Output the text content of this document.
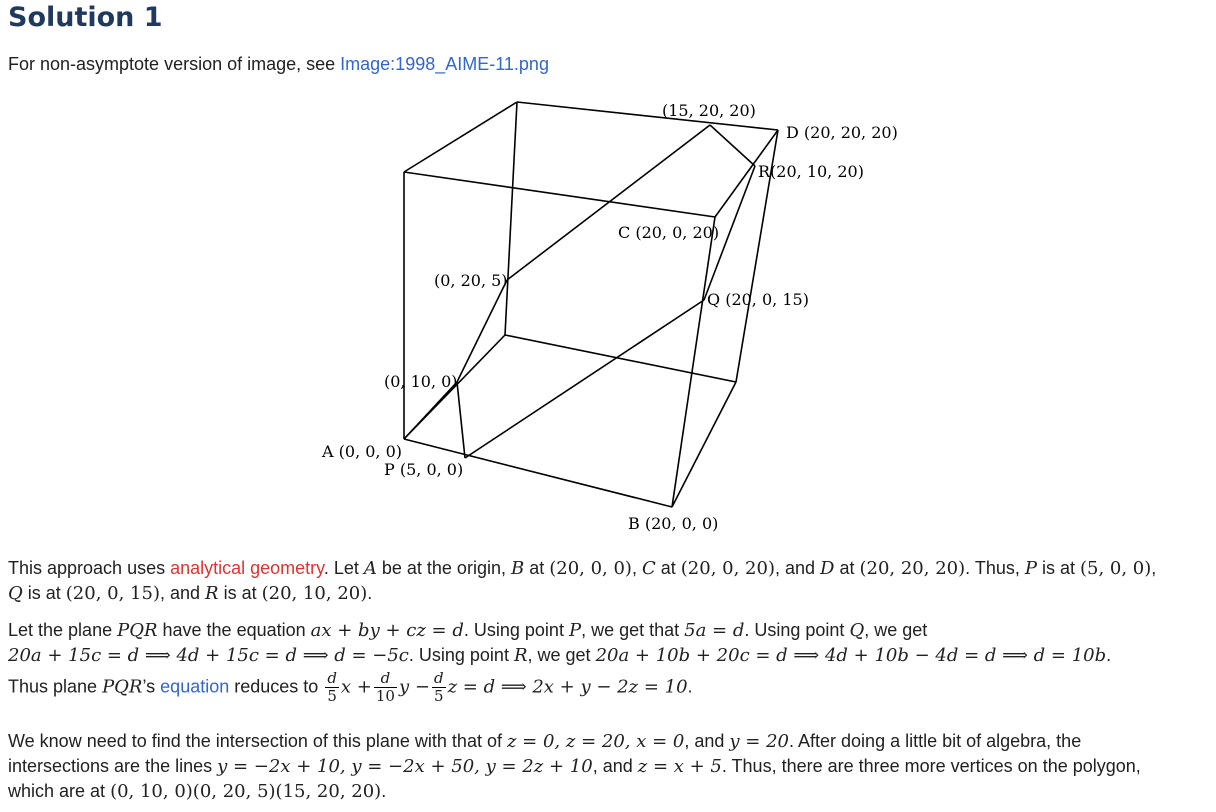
Solution 1
For non-asymptote version of image, see Image:1998_AIME-11.png
(15, 20, 20)
D (20, 20, 20)
R(20, 10, 20)
C (20, 0, 20)
(0, 20, 5)
Q (20, 0, 15)
(0, 10, 0)
A (0, 0, 0)
P (5, 0, 0)
B (20, 0, 0)
This approach uses analytical geometry. Let A be at the origin, B at (20, 0, 0), C at (20, 0, 20), and D at (20, 20, 20). Thus, P is at (5, 0, 0),
Q is at (20, 0, 15), and R is at (20, 10, 20).
Let the plane PQR have the equation ax + by + cz = d. Using point P, we get that 5a = d. Using point Q, we get
20a + 15c = d ⟹ 4d + 15c = d ⟹ d = −5c. Using point R, we get 20a + 10b + 20c = d ⟹ 4d + 10b − 4d = d ⟹ d = 10b.
Thus plane PQR’s equation reduces to $\frac{d}{5}$ $x + \frac{d}{10}$ $y - \frac{d}{5}$ z = d ⟹ 2x + y − 2z = 10.
We know need to find the intersection of this plane with that of z = 0, z = 20, x = 0, and y = 20. After doing a little bit of algebra, the
intersections are the lines y = −2x + 10, y = −2x + 50, y = 2z + 10, and z = x + 5. Thus, there are three more vertices on the polygon,
which are at (0, 10, 0)(0, 20, 5)(15, 20, 20).
